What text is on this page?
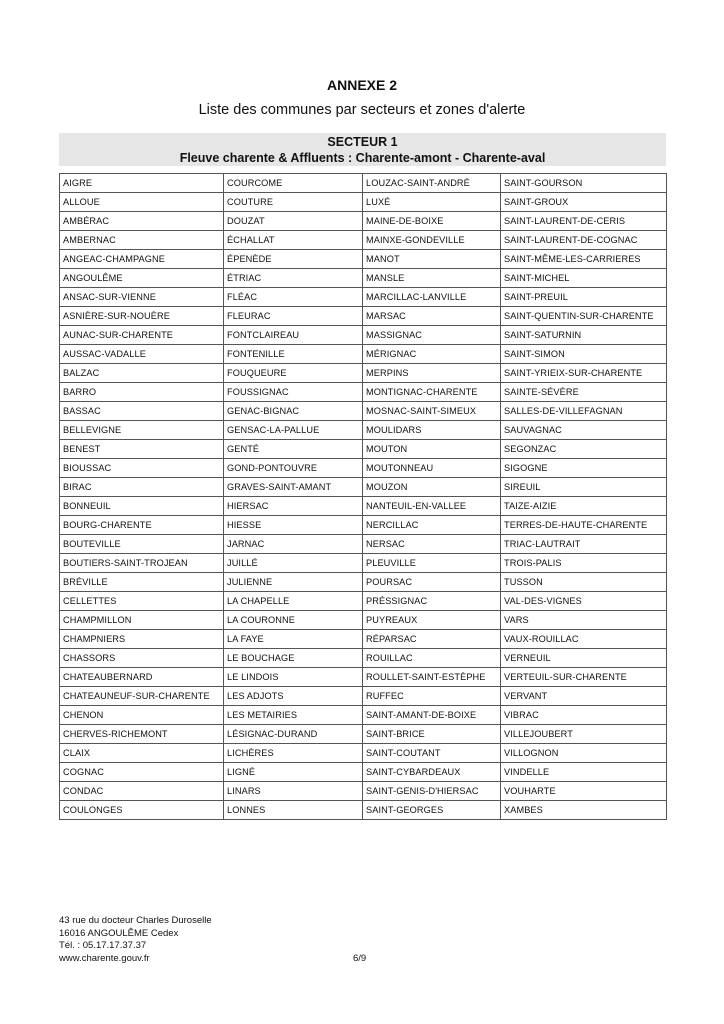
ANNEXE 2
Liste des communes par secteurs et zones d'alerte
SECTEUR 1
Fleuve charente & Affluents : Charente-amont - Charente-aval
AIGRE	COURCOME	LOUZAC-SAINT-ANDRÉ	SAINT-GOURSON
ALLOUE	COUTURE	LUXÉ	SAINT-GROUX
AMBÉRAC	DOUZAT	MAINE-DE-BOIXE	SAINT-LAURENT-DE-CERIS
AMBERNAC	ÉCHALLAT	MAINXE-GONDEVILLE	SAINT-LAURENT-DE-COGNAC
ANGEAC-CHAMPAGNE	ÉPENÈDE	MANOT	SAINT-MÊME-LES-CARRIERES
ANGOULÊME	ÉTRIAC	MANSLE	SAINT-MICHEL
ANSAC-SUR-VIENNE	FLÉAC	MARCILLAC-LANVILLE	SAINT-PREUIL
ASNIÈRE-SUR-NOUÈRE	FLEURAC	MARSAC	SAINT-QUENTIN-SUR-CHARENTE
AUNAC-SUR-CHARENTE	FONTCLAIREAU	MASSIGNAC	SAINT-SATURNIN
AUSSAC-VADALLE	FONTENILLE	MÉRIGNAC	SAINT-SIMON
BALZAC	FOUQUEURE	MERPINS	SAINT-YRIEIX-SUR-CHARENTE
BARRO	FOUSSIGNAC	MONTIGNAC-CHARENTE	SAINTE-SÉVÈRE
BASSAC	GENAC-BIGNAC	MOSNAC-SAINT-SIMEUX	SALLES-DE-VILLEFAGNAN
BELLEVIGNE	GENSAC-LA-PALLUE	MOULIDARS	SAUVAGNAC
BENEST	GENTÉ	MOUTON	SEGONZAC
BIOUSSAC	GOND-PONTOUVRE	MOUTONNEAU	SIGOGNE
BIRAC	GRAVES-SAINT-AMANT	MOUZON	SIREUIL
BONNEUIL	HIERSAC	NANTEUIL-EN-VALLEE	TAIZE-AIZIE
BOURG-CHARENTE	HIESSE	NERCILLAC	TERRES-DE-HAUTE-CHARENTE
BOUTEVILLE	JARNAC	NERSAC	TRIAC-LAUTRAIT
BOUTIERS-SAINT-TROJEAN	JUILLÉ	PLEUVILLE	TROIS-PALIS
BRÉVILLE	JULIENNE	POURSAC	TUSSON
CELLETTES	LA CHAPELLE	PRÉSSIGNAC	VAL-DES-VIGNES
CHAMPMILLON	LA COURONNE	PUYREAUX	VARS
CHAMPNIERS	LA FAYE	RÉPARSAC	VAUX-ROUILLAC
CHASSORS	LE BOUCHAGE	ROUILLAC	VERNEUIL
CHATEAUBERNARD	LE LINDOIS	ROULLET-SAINT-ESTÈPHE	VERTEUIL-SUR-CHARENTE
CHATEAUNEUF-SUR-CHARENTE	LES ADJOTS	RUFFEC	VERVANT
CHENON	LES METAIRIES	SAINT-AMANT-DE-BOIXE	VIBRAC
CHERVES-RICHEMONT	LÉSIGNAC-DURAND	SAINT-BRICE	VILLEJOUBERT
CLAIX	LICHÈRES	SAINT-COUTANT	VILLOGNON
COGNAC	LIGNÉ	SAINT-CYBARDEAUX	VINDELLE
CONDAC	LINARS	SAINT-GENIS-D'HIERSAC	VOUHARTE
COULONGES	LONNES	SAINT-GEORGES	XAMBES
43 rue du docteur Charles Duroselle
16016 ANGOULÊME Cedex
Tél. : 05.17.17.37.37
www.charente.gouv.fr	6/9
